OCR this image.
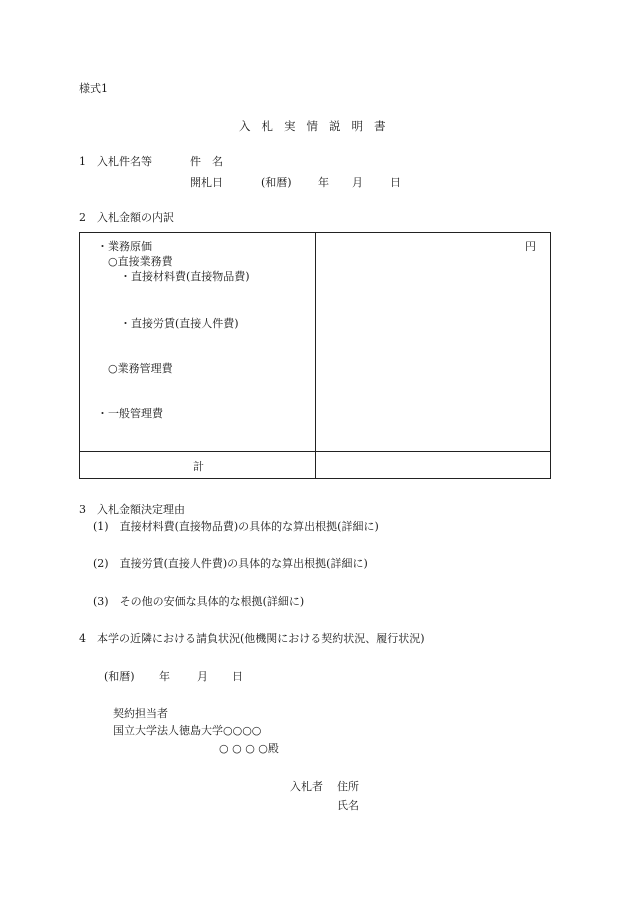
様式1
入札実情説明書
1　入札件名等	件　名
開札日	(和暦) 年 月 日
2　入札金額の内訳
・業務原価
○直接業務費
・直接材料費(直接物品費)
・直接労賃(直接人件費)
○業務管理費
・一般管理費
円
計
3　入札金額決定理由
(1)　直接材料費(直接物品費)の具体的な算出根拠(詳細に)
(2)　直接労賃(直接人件費)の具体的な算出根拠(詳細に)
(3)　その他の安価な具体的な根拠(詳細に)
4　本学の近隣における請負状況(他機関における契約状況、履行状況)
(和暦) 年 月 日
契約担当者
国立大学法人徳島大学○○○○
○ ○ ○ ○殿
入札者 住所
氏名
